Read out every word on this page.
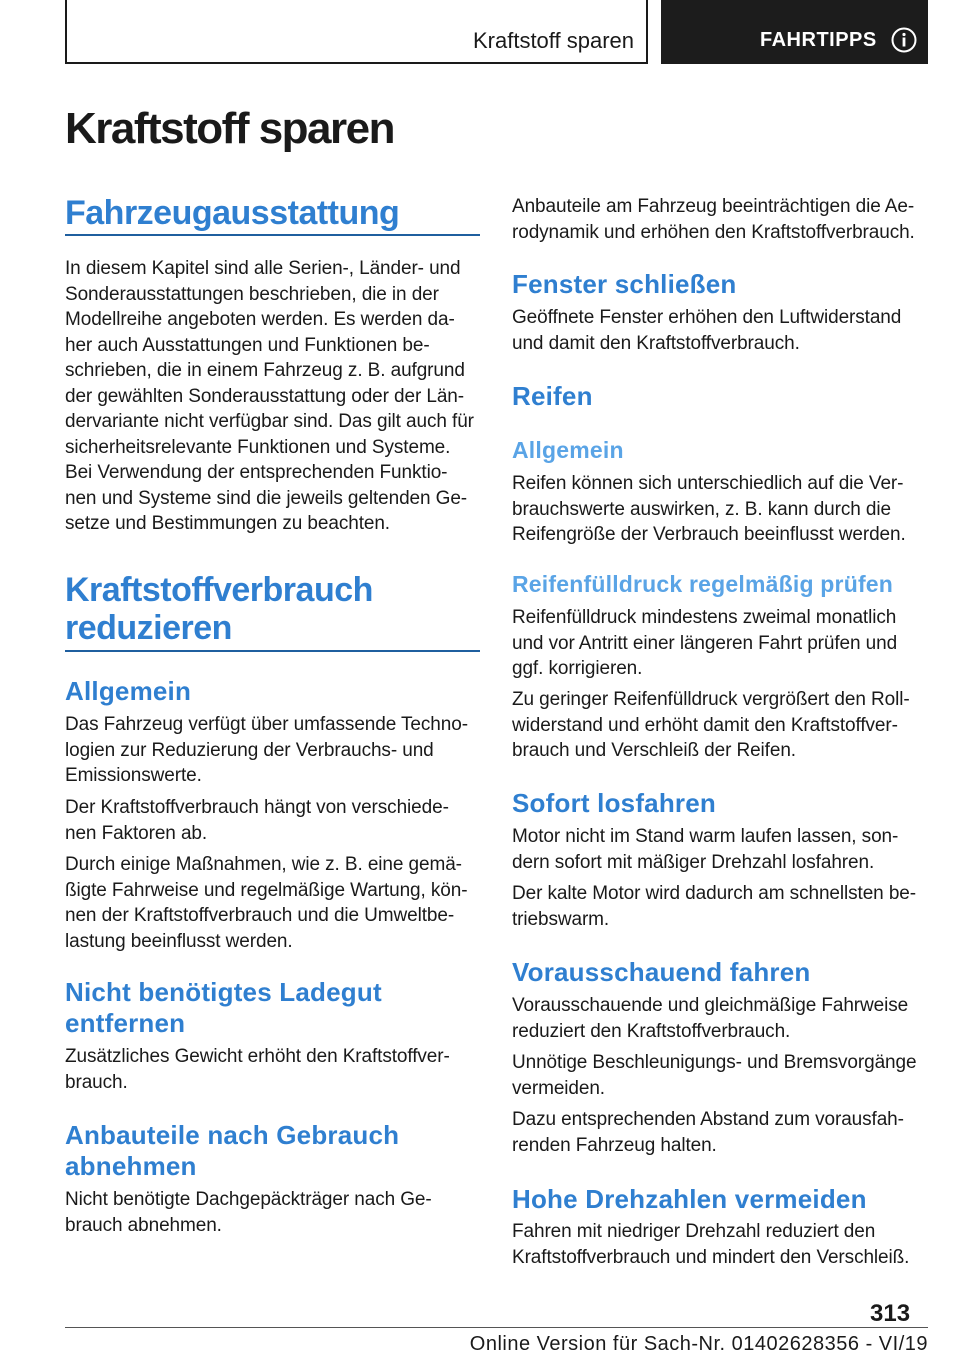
Kraftstoff sparen	FAHRTIPPS
Kraftstoff sparen
Fahrzeugausstattung

In diesem Kapitel sind alle Serien-, Länder- und
Sonderausstattungen beschrieben, die in der
Modellreihe angeboten werden. Es werden da‐
her auch Ausstattungen und Funktionen be‐
schrieben, die in einem Fahrzeug z. B. aufgrund
der gewählten Sonderausstattung oder der Län‐
dervariante nicht verfügbar sind. Das gilt auch für
sicherheitsrelevante Funktionen und Systeme.
Bei Verwendung der entsprechenden Funktio‐
nen und Systeme sind die jeweils geltenden Ge‐
setze und Bestimmungen zu beachten.

Kraftstoffverbrauch
reduzieren
Allgemein

Das Fahrzeug verfügt über umfassende Techno‐
logien zur Reduzierung der Verbrauchs- und
Emissionswerte.

Der Kraftstoffverbrauch hängt von verschiede‐
nen Faktoren ab.

Durch einige Maßnahmen, wie z. B. eine gemä‐
ßigte Fahrweise und regelmäßige Wartung, kön‐
nen der Kraftstoffverbrauch und die Umweltbe‐
lastung beeinflusst werden.

Nicht benötigtes Ladegut
entfernen

Zusätzliches Gewicht erhöht den Kraftstoffver‐
brauch.

Anbauteile nach Gebrauch
abnehmen

Nicht benötigte Dachgepäckträger nach Ge‐
brauch abnehmen.

Anbauteile am Fahrzeug beeinträchtigen die Ae‐
rodynamik und erhöhen den Kraftstoffverbrauch.

Fenster schließen

Geöffnete Fenster erhöhen den Luftwiderstand
und damit den Kraftstoffverbrauch.

Reifen
Allgemein

Reifen können sich unterschiedlich auf die Ver‐
brauchswerte auswirken, z. B. kann durch die
Reifengröße der Verbrauch beeinflusst werden.

Reifenfülldruck regelmäßig prüfen

Reifenfülldruck mindestens zweimal monatlich
und vor Antritt einer längeren Fahrt prüfen und
ggf. korrigieren.

Zu geringer Reifenfülldruck vergrößert den Roll‐
widerstand und erhöht damit den Kraftstoffver‐
brauch und Verschleiß der Reifen.

Sofort losfahren

Motor nicht im Stand warm laufen lassen, son‐
dern sofort mit mäßiger Drehzahl losfahren.

Der kalte Motor wird dadurch am schnellsten be‐
triebswarm.

Vorausschauend fahren

Vorausschauende und gleichmäßige Fahrweise
reduziert den Kraftstoffverbrauch.

Unnötige Beschleunigungs- und Bremsvorgänge
vermeiden.

Dazu entsprechenden Abstand zum vorausfah‐
renden Fahrzeug halten.

Hohe Drehzahlen vermeiden

Fahren mit niedriger Drehzahl reduziert den
Kraftstoffverbrauch und mindert den Verschleiß.

313
Online Version für Sach-Nr. 01402628356 - VI/19
